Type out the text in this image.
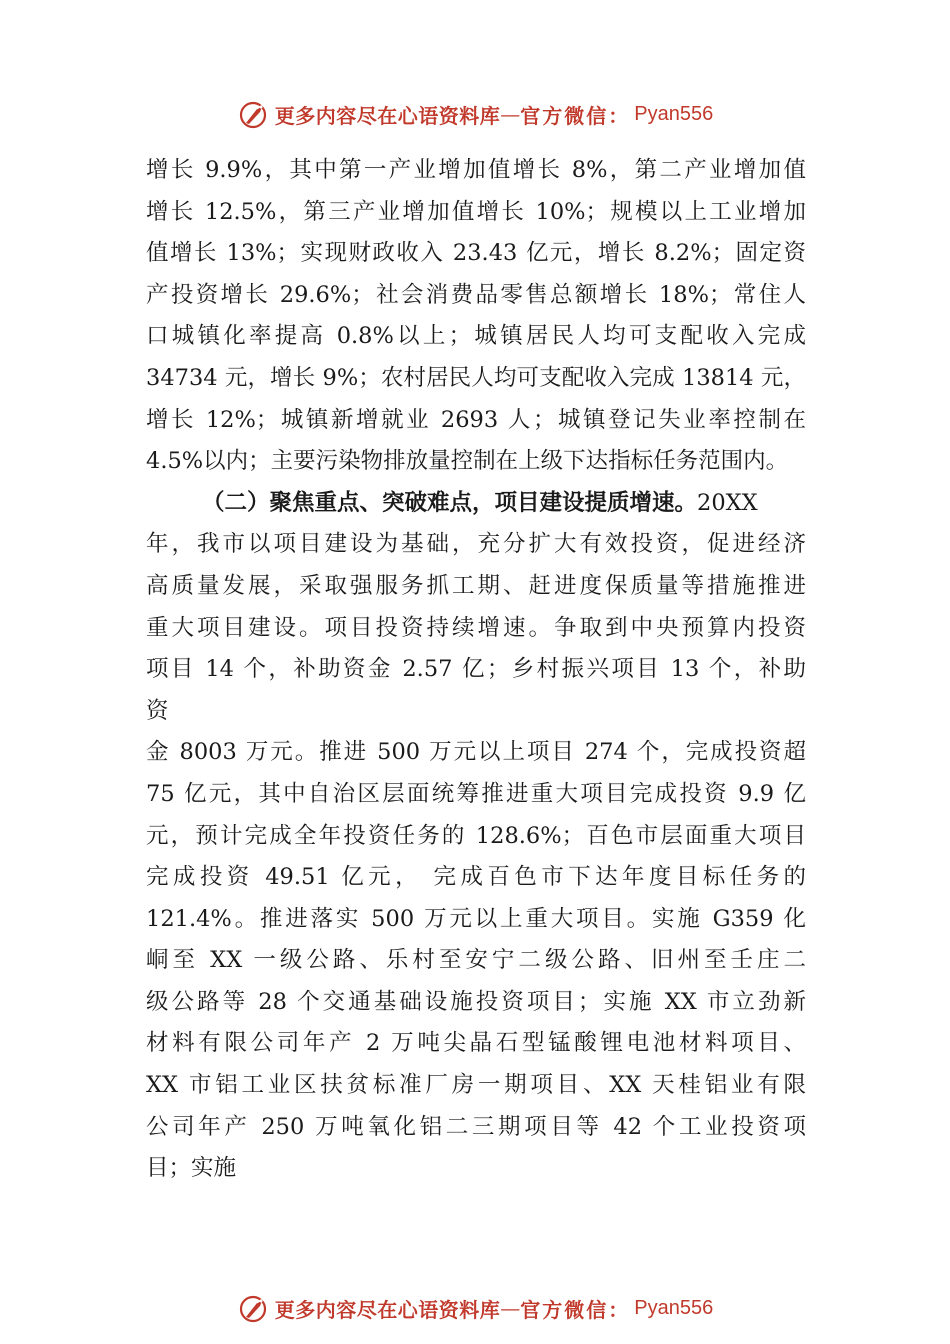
更多内容尽在心语资料库 — 官方微信： Pyan556
增长 9.9%，其中第一产业增加值增长 8%，第二产业增加值
增长 12.5%，第三产业增加值增长 10%；规模以上工业增加
值增长 13%；实现财政收入 23.43 亿元，增长 8.2%；固定资
产投资增长 29.6%；社会消费品零售总额增长 18%；常住人
口城镇化率提高 0.8%以上；城镇居民人均可支配收入完成
34734 元，增长 9%；农村居民人均可支配收入完成 13814 元，
增长 12%；城镇新增就业 2693 人；城镇登记失业率控制在
4.5%以内；主要污染物排放量控制在上级下达指标任务范围内。
（二）聚焦重点、突破难点，项目建设提质增速。20XX
年，我市以项目建设为基础，充分扩大有效投资，促进经济
高质量发展，采取强服务抓工期、赶进度保质量等措施推进
重大项目建设。项目投资持续增速。争取到中央预算内投资
项目 14 个，补助资金 2.57 亿；乡村振兴项目 13 个，补助
资
金 8003 万元。推进 500 万元以上项目 274 个，完成投资超
75 亿元，其中自治区层面统筹推进重大项目完成投资 9.9 亿
元，预计完成全年投资任务的 128.6%；百色市层面重大项目
完成投资 49.51 亿元， 完成百色市下达年度目标任务的
121.4%。推进落实 500 万元以上重大项目。实施 G359 化
峒至 XX 一级公路、乐村至安宁二级公路、旧州至壬庄二
级公路等 28 个交通基础设施投资项目；实施 XX 市立劲新
材料有限公司年产 2 万吨尖晶石型锰酸锂电池材料项目、
XX 市铝工业区扶贫标准厂房一期项目、XX 天桂铝业有限
公司年产 250 万吨氧化铝二三期项目等 42 个工业投资项
目；实施
更多内容尽在心语资料库 — 官方微信： Pyan556
